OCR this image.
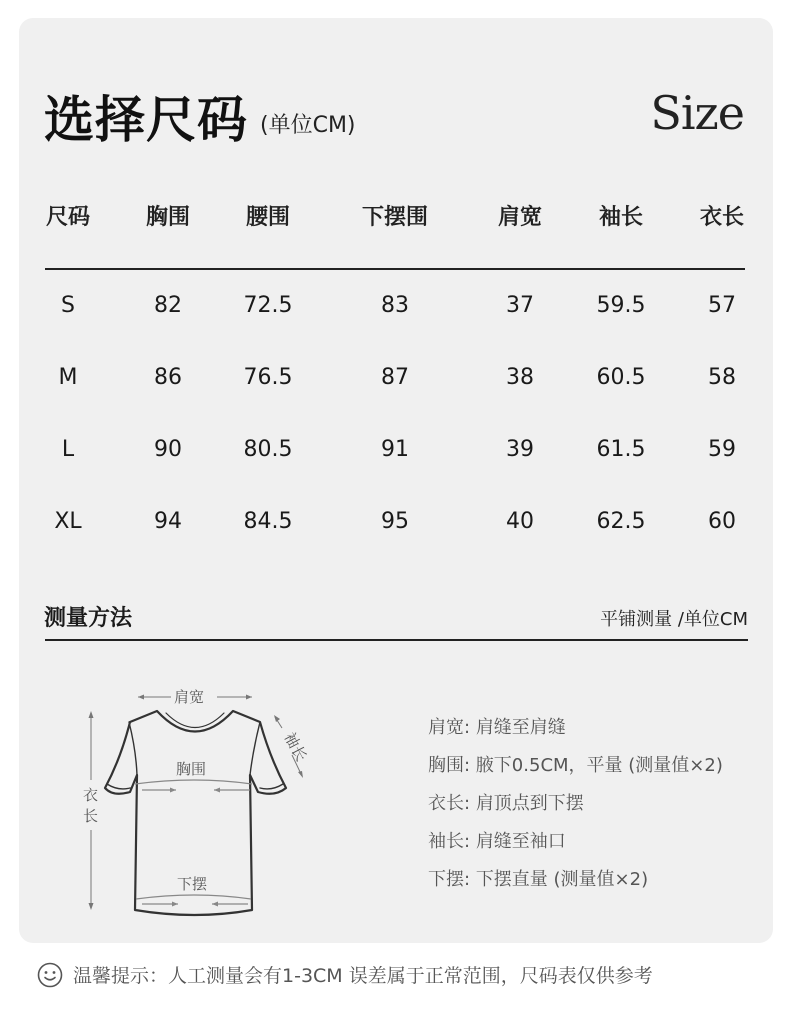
选择尺码 (单位CM)	Size
尺码	胸围	腰围	下摆围	肩宽	袖长	衣长
S	82	72.5	83	37	59.5	57
M	86	76.5	87	38	60.5	58
L	90	80.5	91	39	61.5	59
XL	94	84.5	95	40	62.5	60
测量方法	平铺测量 /单位CM
肩宽
袖长
胸围
衣
长
下摆
肩宽: 肩缝至肩缝
胸围: 腋下0.5CM，平量 (测量值×2)
衣长: 肩顶点到下摆
袖长: 肩缝至袖口
下摆: 下摆直量 (测量值×2)
温馨提示：人工测量会有1-3CM 误差属于正常范围，尺码表仅供参考
